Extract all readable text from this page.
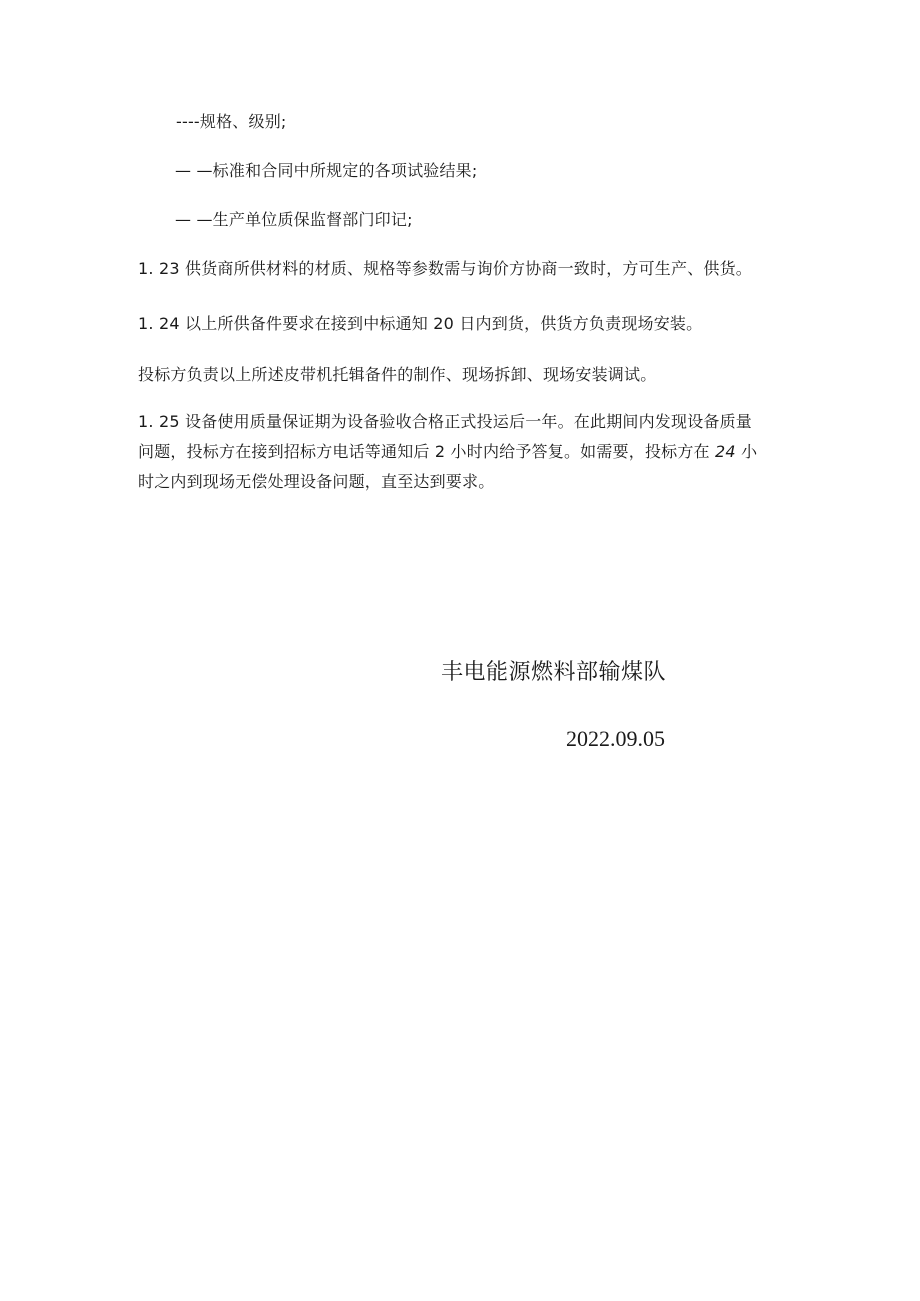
----规格、级别;
— —标准和合同中所规定的各项试验结果;
— —生产单位质保监督部门印记;
1. 23 供货商所供材料的材质、规格等参数需与询价方协商一致时，方可生产、供货。
1. 24 以上所供备件要求在接到中标通知 20 日内到货，供货方负责现场安装。
投标方负责以上所述皮带机托辑备件的制作、现场拆卸、现场安装调试。
1. 25 设备使用质量保证期为设备验收合格正式投运后一年。在此期间内发现设备质量
问题，投标方在接到招标方电话等通知后 2 小时内给予答复。如需要，投标方在 24 小
时之内到现场无偿处理设备问题，直至达到要求。
丰电能源燃料部输煤队
2022.09.05
